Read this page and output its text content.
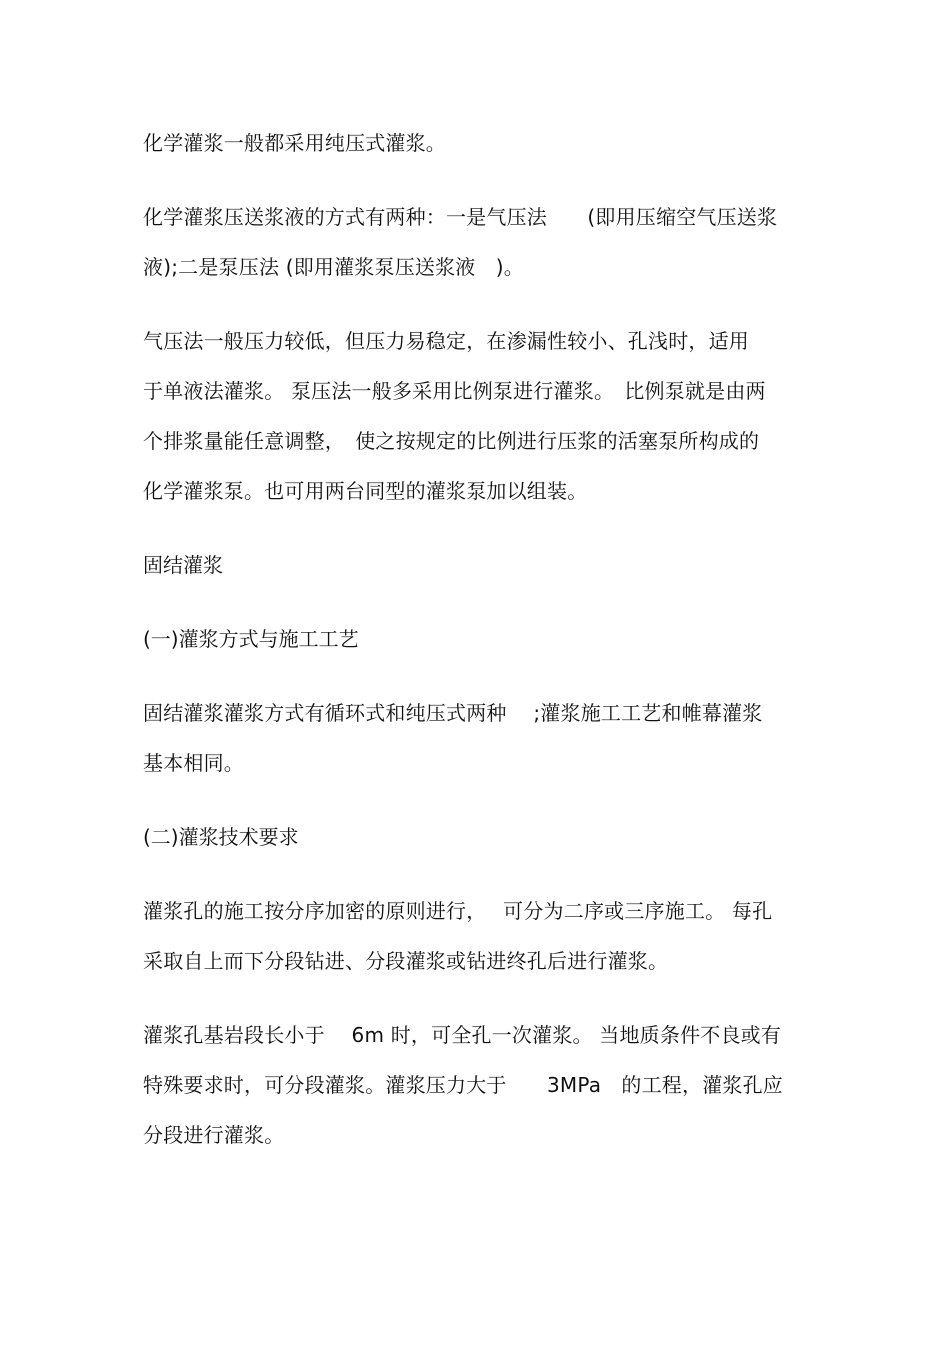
化学灌浆一般都采用纯压式灌浆。

化学灌浆压送浆液的方式有两种：一是气压法　　(即用压缩空气压送浆
液);二是泵压法 (即用灌浆泵压送浆液　)。

气压法一般压力较低，但压力易稳定，在渗漏性较小、孔浅时，适用
于单液法灌浆。 泵压法一般多采用比例泵进行灌浆。　比例泵就是由两
个排浆量能任意调整，　使之按规定的比例进行压浆的活塞泵所构成的
化学灌浆泵。也可用两台同型的灌浆泵加以组装。

固结灌浆

(一)灌浆方式与施工工艺

固结灌浆灌浆方式有循环式和纯压式两种　 ;灌浆施工工艺和帷幕灌浆
基本相同。

(二)灌浆技术要求

灌浆孔的施工按分序加密的原则进行，　 可分为二序或三序施工。 每孔
采取自上而下分段钻进、分段灌浆或钻进终孔后进行灌浆。

灌浆孔基岩段长小于　 6m 时，可全孔一次灌浆。 当地质条件不良或有
特殊要求时，可分段灌浆。灌浆压力大于　　3MPa　的工程，灌浆孔应
分段进行灌浆。
